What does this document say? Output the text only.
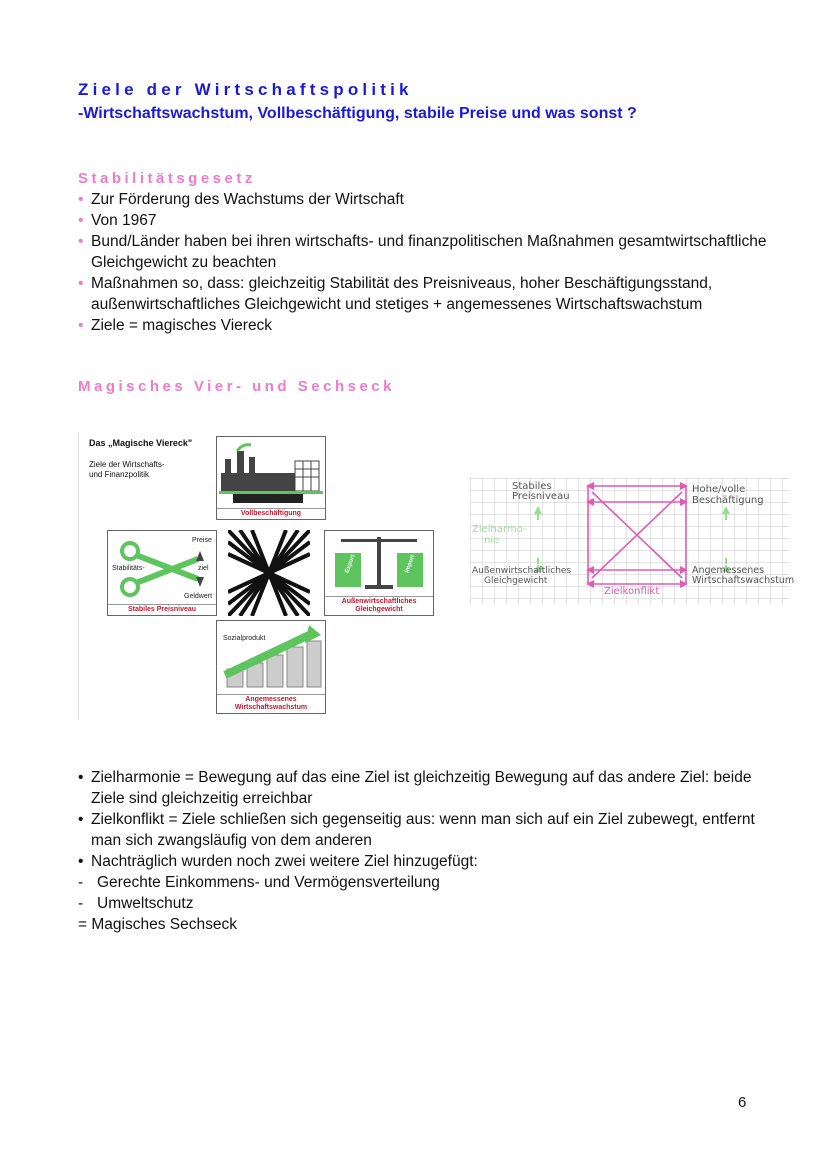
Ziele der Wirtschaftspolitik
-Wirtschaftswachstum, Vollbeschäftigung, stabile Preise und was sonst ?
Stabilitätsgesetz
• Zur Förderung des Wachstums der Wirtschaft
• Von 1967
• Bund/Länder haben bei ihren wirtschafts- und finanzpolitischen Maßnahmen gesamtwirtschaftliche Gleichgewicht zu beachten
• Maßnahmen so, dass: gleichzeitig Stabilität des Preisniveaus, hoher Beschäftigungsstand, außenwirtschaftliches Gleichgewicht und stetiges + angemessenes Wirtschaftswachstum
• Ziele = magisches Viereck
Magisches Vier- und Sechseck
Das „Magische Viereck"
Ziele der Wirtschafts-
und Finanzpolitik
Vollbeschäftigung
Preise
Stabilitäts-	ziel
Geldwert
Stabiles Preisniveau
Export	Import
Außenwirtschaftliches
Gleichgewicht
Sozialprodukt
Angemessenes
Wirtschaftswachstum
Stabiles
Preisniveau
Hohe/volle
Beschäftigung
Außenwirtschaftliches
Gleichgewicht
Angemessenes
Wirtschaftswachstum
Zielharmo-
nie
Zielkonflikt
• Zielharmonie = Bewegung auf das eine Ziel ist gleichzeitig Bewegung auf das andere Ziel: beide Ziele sind gleichzeitig erreichbar
• Zielkonflikt = Ziele schließen sich gegenseitig aus: wenn man sich auf ein Ziel zubewegt, entfernt man sich zwangsläufig von dem anderen
• Nachträglich wurden noch zwei weitere Ziel hinzugefügt:
- Gerechte Einkommens- und Vermögensverteilung
- Umweltschutz
= Magisches Sechseck
6
